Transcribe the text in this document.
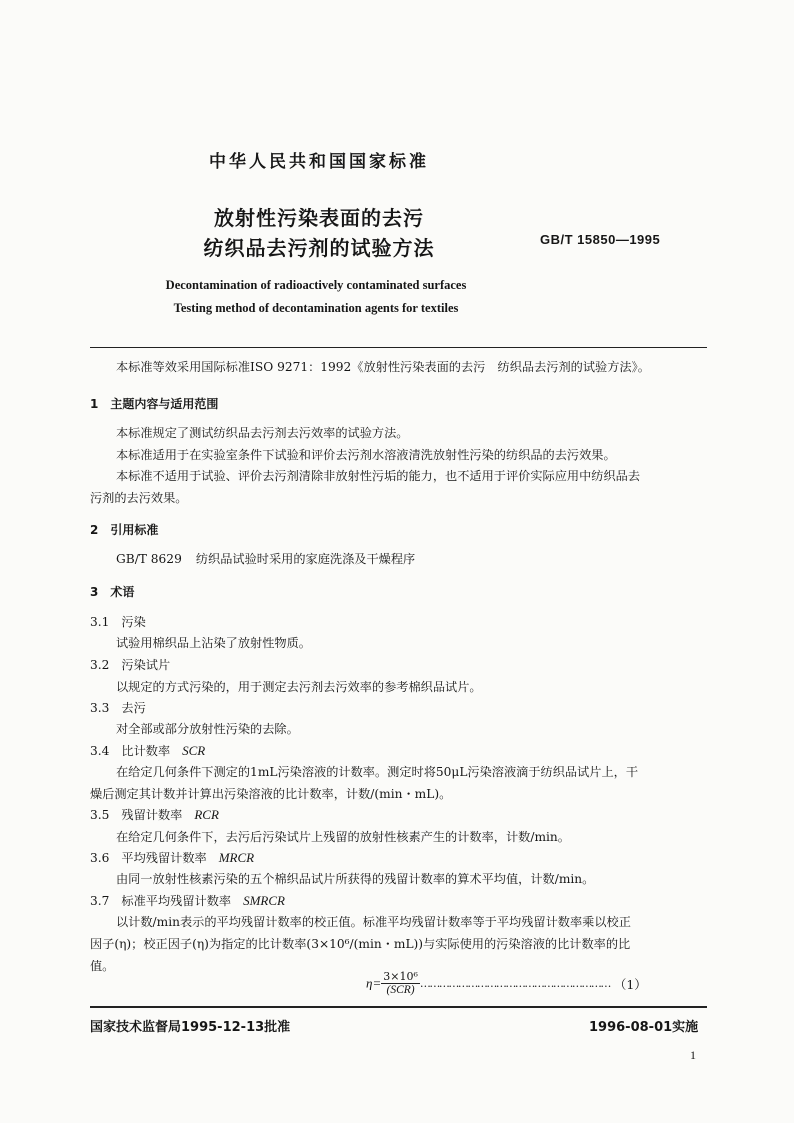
中华人民共和国国家标准
放射性污染表面的去污
纺织品去污剂的试验方法	GB/T 15850—1995
Decontamination of radioactively contaminated surfaces
Testing method of decontamination agents for textiles
本标准等效采用国际标准ISO 9271：1992《放射性污染表面的去污　纺织品去污剂的试验方法》。
1　主题内容与适用范围
本标准规定了测试纺织品去污剂去污效率的试验方法。
本标准适用于在实验室条件下试验和评价去污剂水溶液清洗放射性污染的纺织品的去污效果。
本标准不适用于试验、评价去污剂清除非放射性污垢的能力，也不适用于评价实际应用中纺织品去
污剂的去污效果。
2　引用标准
GB/T 8629 纺织品试验时采用的家庭洗涤及干燥程序
3　术语
3.1 污染
试验用棉织品上沾染了放射性物质。
3.2 污染试片
以规定的方式污染的，用于测定去污剂去污效率的参考棉织品试片。
3.3 去污
对全部或部分放射性污染的去除。
3.4 比计数率 SCR
在给定几何条件下测定的1mL污染溶液的计数率。测定时将50μL污染溶液滴于纺织品试片上，干
燥后测定其计数并计算出污染溶液的比计数率，计数/(min・mL)。
3.5 残留计数率 RCR
在给定几何条件下，去污后污染试片上残留的放射性核素产生的计数率，计数/min。
3.6 平均残留计数率 MRCR
由同一放射性核素污染的五个棉织品试片所获得的残留计数率的算术平均值，计数/min。
3.7 标准平均残留计数率 SMRCR
以计数/min表示的平均残留计数率的校正值。标准平均残留计数率等于平均残留计数率乘以校正
因子(η)；校正因子(η)为指定的比计数率(3×10⁶/(min・mL))与实际使用的污染溶液的比计数率的比
值。
$\eta= \frac{\text{3×10⁶}}{\text{(SCR)}}$ …………………………………………………… （1）
国家技术监督局1995-12-13批准	1996-08-01实施
1
